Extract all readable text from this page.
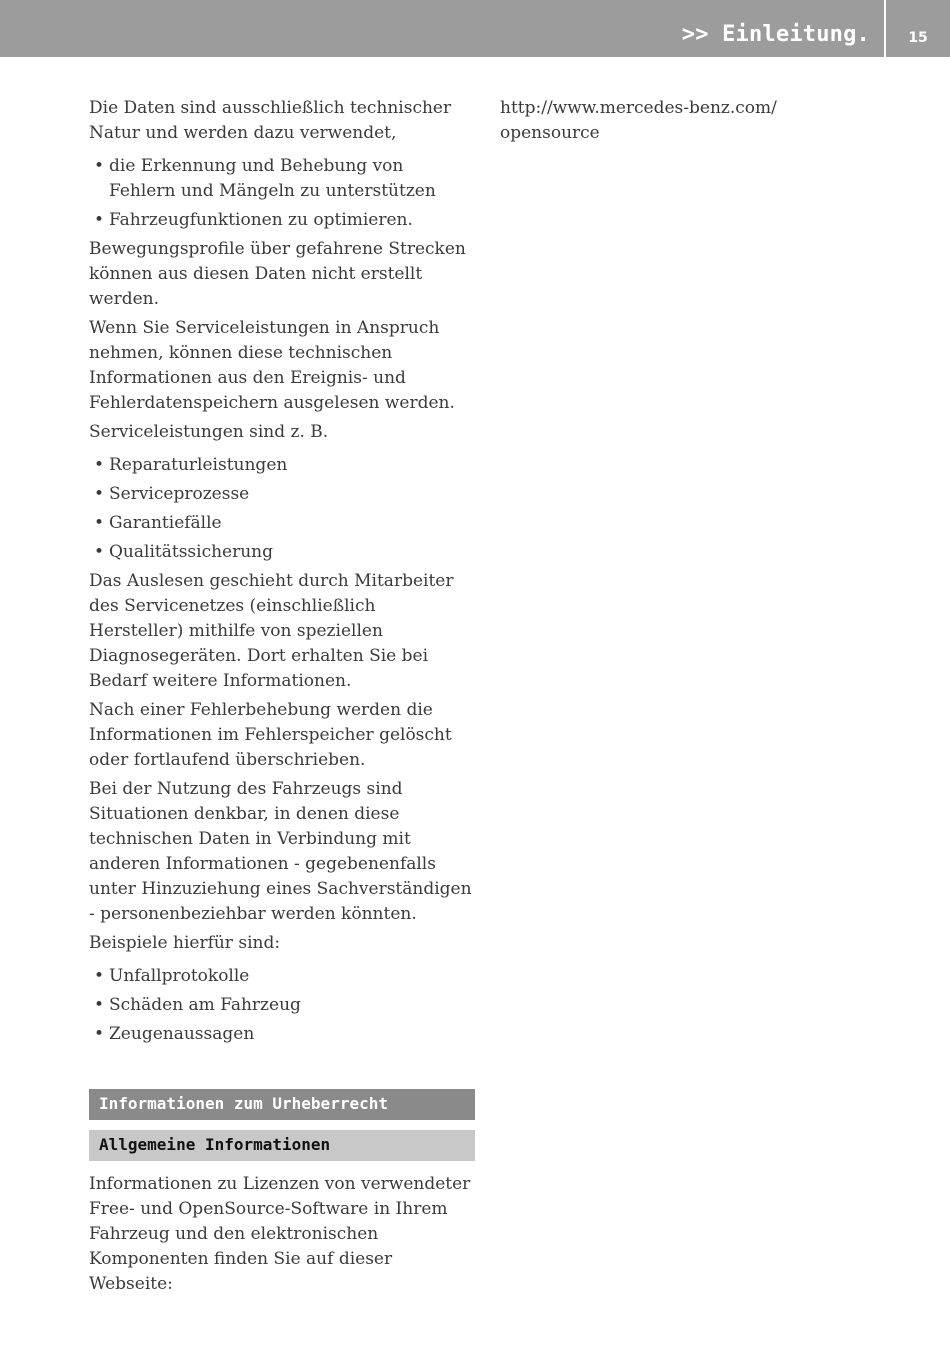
>> Einleitung.	15

Die Daten sind ausschließlich technischer Natur und werden dazu verwendet,

• die Erkennung und Behebung von Fehlern und Mängeln zu unterstützen
• Fahrzeugfunktionen zu optimieren.

Bewegungsprofile über gefahrene Strecken können aus diesen Daten nicht erstellt werden.

Wenn Sie Serviceleistungen in Anspruch nehmen, können diese technischen Informationen aus den Ereignis- und Fehlerdatenspeichern ausgelesen werden.

Serviceleistungen sind z. B.

• Reparaturleistungen
• Serviceprozesse
• Garantiefälle
• Qualitätssicherung

Das Auslesen geschieht durch Mitarbeiter des Servicenetzes (einschließlich Hersteller) mithilfe von speziellen Diagnosegeräten. Dort erhalten Sie bei Bedarf weitere Informationen.

Nach einer Fehlerbehebung werden die Informationen im Fehlerspeicher gelöscht oder fortlaufend überschrieben.

Bei der Nutzung des Fahrzeugs sind Situationen denkbar, in denen diese technischen Daten in Verbindung mit anderen Informationen - gegebenenfalls unter Hinzuziehung eines Sachverständigen - personenbeziehbar werden könnten.

Beispiele hierfür sind:

• Unfallprotokolle
• Schäden am Fahrzeug
• Zeugenaussagen
Informationen zum Urheberrecht
Allgemeine Informationen

Informationen zu Lizenzen von verwendeter Free- und OpenSource-Software in Ihrem Fahrzeug und den elektronischen Komponenten finden Sie auf dieser Webseite:

http://www.mercedes-benz.com/
opensource
